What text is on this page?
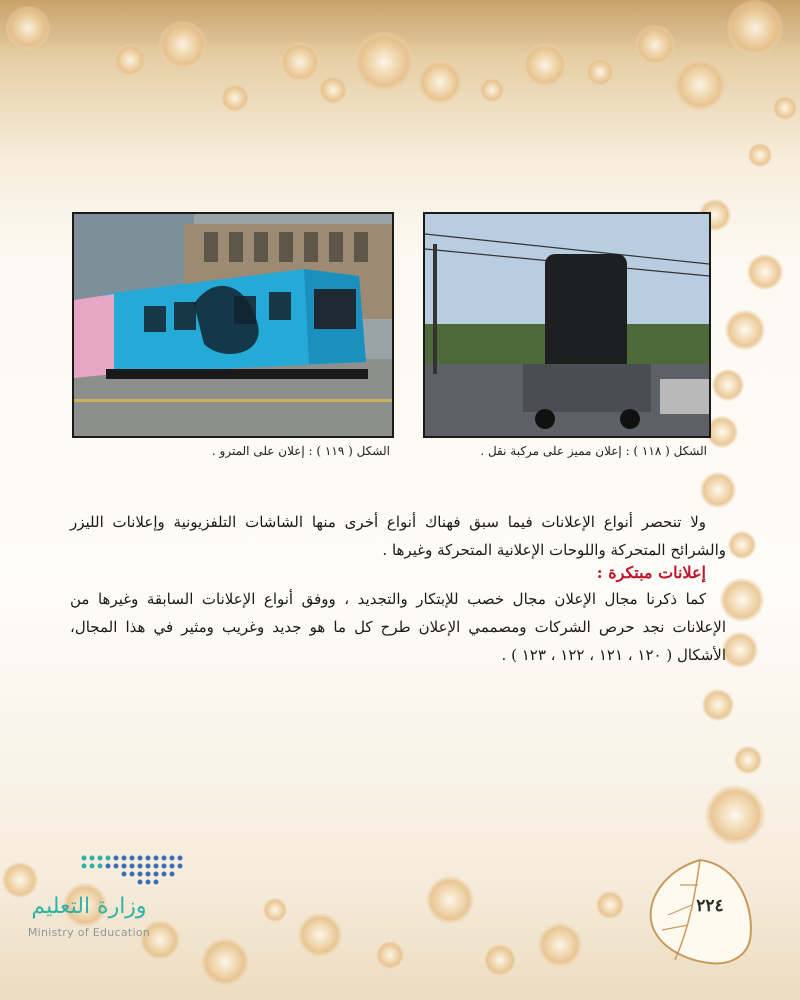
الشكل ( ١١٩ ) : إعلان على المترو .	الشكل ( ١١٨ ) : إعلان مميز على مركبة نقل .
ولا تنحصر أنواع الإعلانات فيما سبق فهناك أنواع أخرى منها الشاشات التلفزيونية وإعلانات الليزر والشرائح المتحركة واللوحات الإعلانية المتحركة وغيرها .
إعلانات مبتكرة :
كما ذكرنا مجال الإعلان مجال خصب للإبتكار والتجديد ، ووفق أنواع الإعلانات السابقة وغيرها من الإعلانات نجد حرص الشركات ومصممي الإعلان طرح كل ما هو جديد وغريب ومثير في هذا المجال، الأشكال ( ١٢٠ ، ١٢١ ، ١٢٢ ، ١٢٣ ) .
٢٢٤
وزارة التعليم
Ministry of Education
